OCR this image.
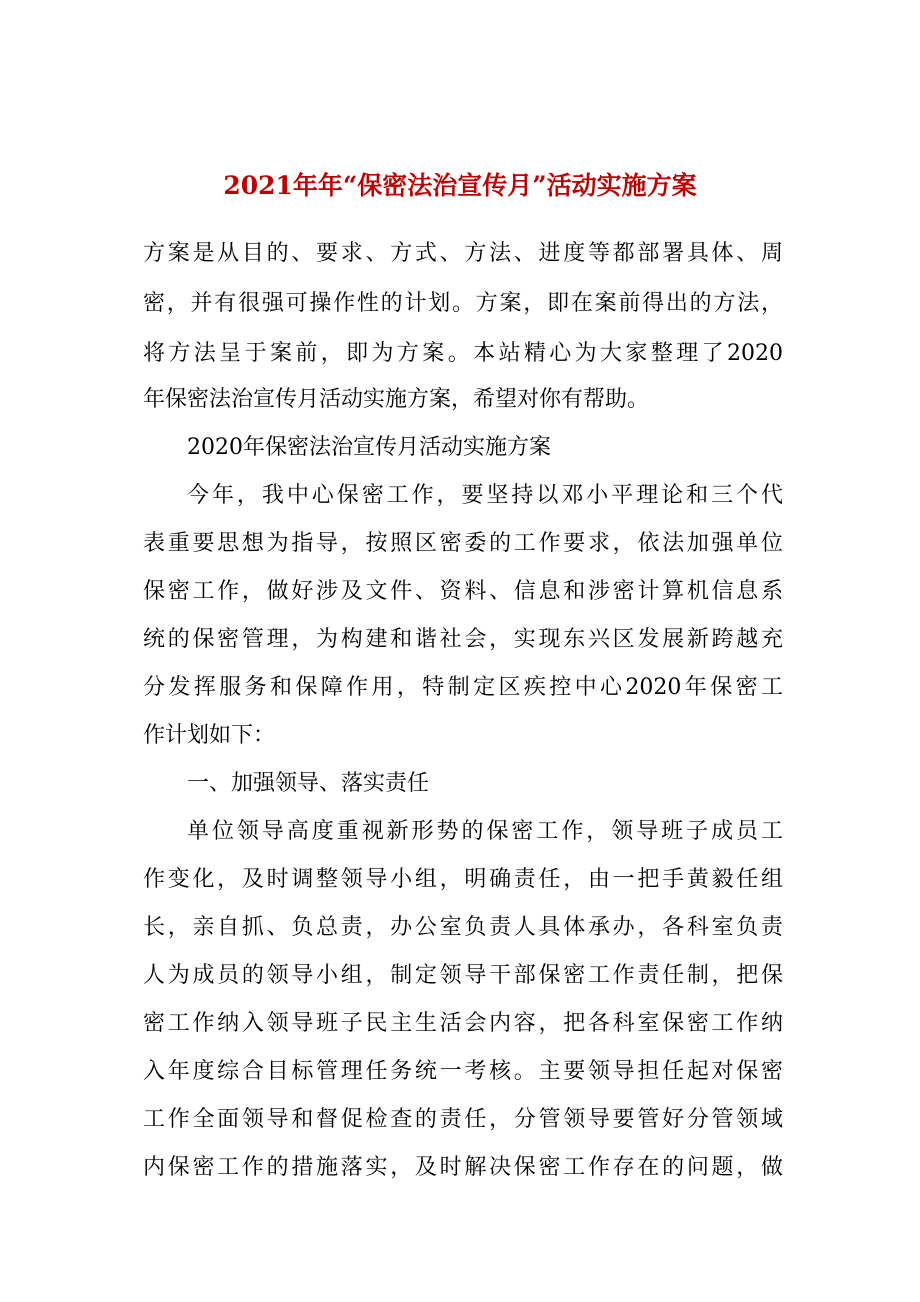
2021年年“保密法治宣传月”活动实施方案
方案是从目的、要求、方式、方法、进度等都部署具体、周
密，并有很强可操作性的计划。方案，即在案前得出的方法，
将方法呈于案前，即为方案。本站精心为大家整理了2020
年保密法治宣传月活动实施方案，希望对你有帮助。
2020年保密法治宣传月活动实施方案
今年，我中心保密工作，要坚持以邓小平理论和三个代
表重要思想为指导，按照区密委的工作要求，依法加强单位
保密工作，做好涉及文件、资料、信息和涉密计算机信息系
统的保密管理，为构建和谐社会，实现东兴区发展新跨越充
分发挥服务和保障作用，特制定区疾控中心2020年保密工
作计划如下：
一、加强领导、落实责任
单位领导高度重视新形势的保密工作，领导班子成员工
作变化，及时调整领导小组，明确责任，由一把手黄毅任组
长，亲自抓、负总责，办公室负责人具体承办，各科室负责
人为成员的领导小组，制定领导干部保密工作责任制，把保
密工作纳入领导班子民主生活会内容，把各科室保密工作纳
入年度综合目标管理任务统一考核。主要领导担任起对保密
工作全面领导和督促检查的责任，分管领导要管好分管领域
内保密工作的措施落实，及时解决保密工作存在的问题，做
